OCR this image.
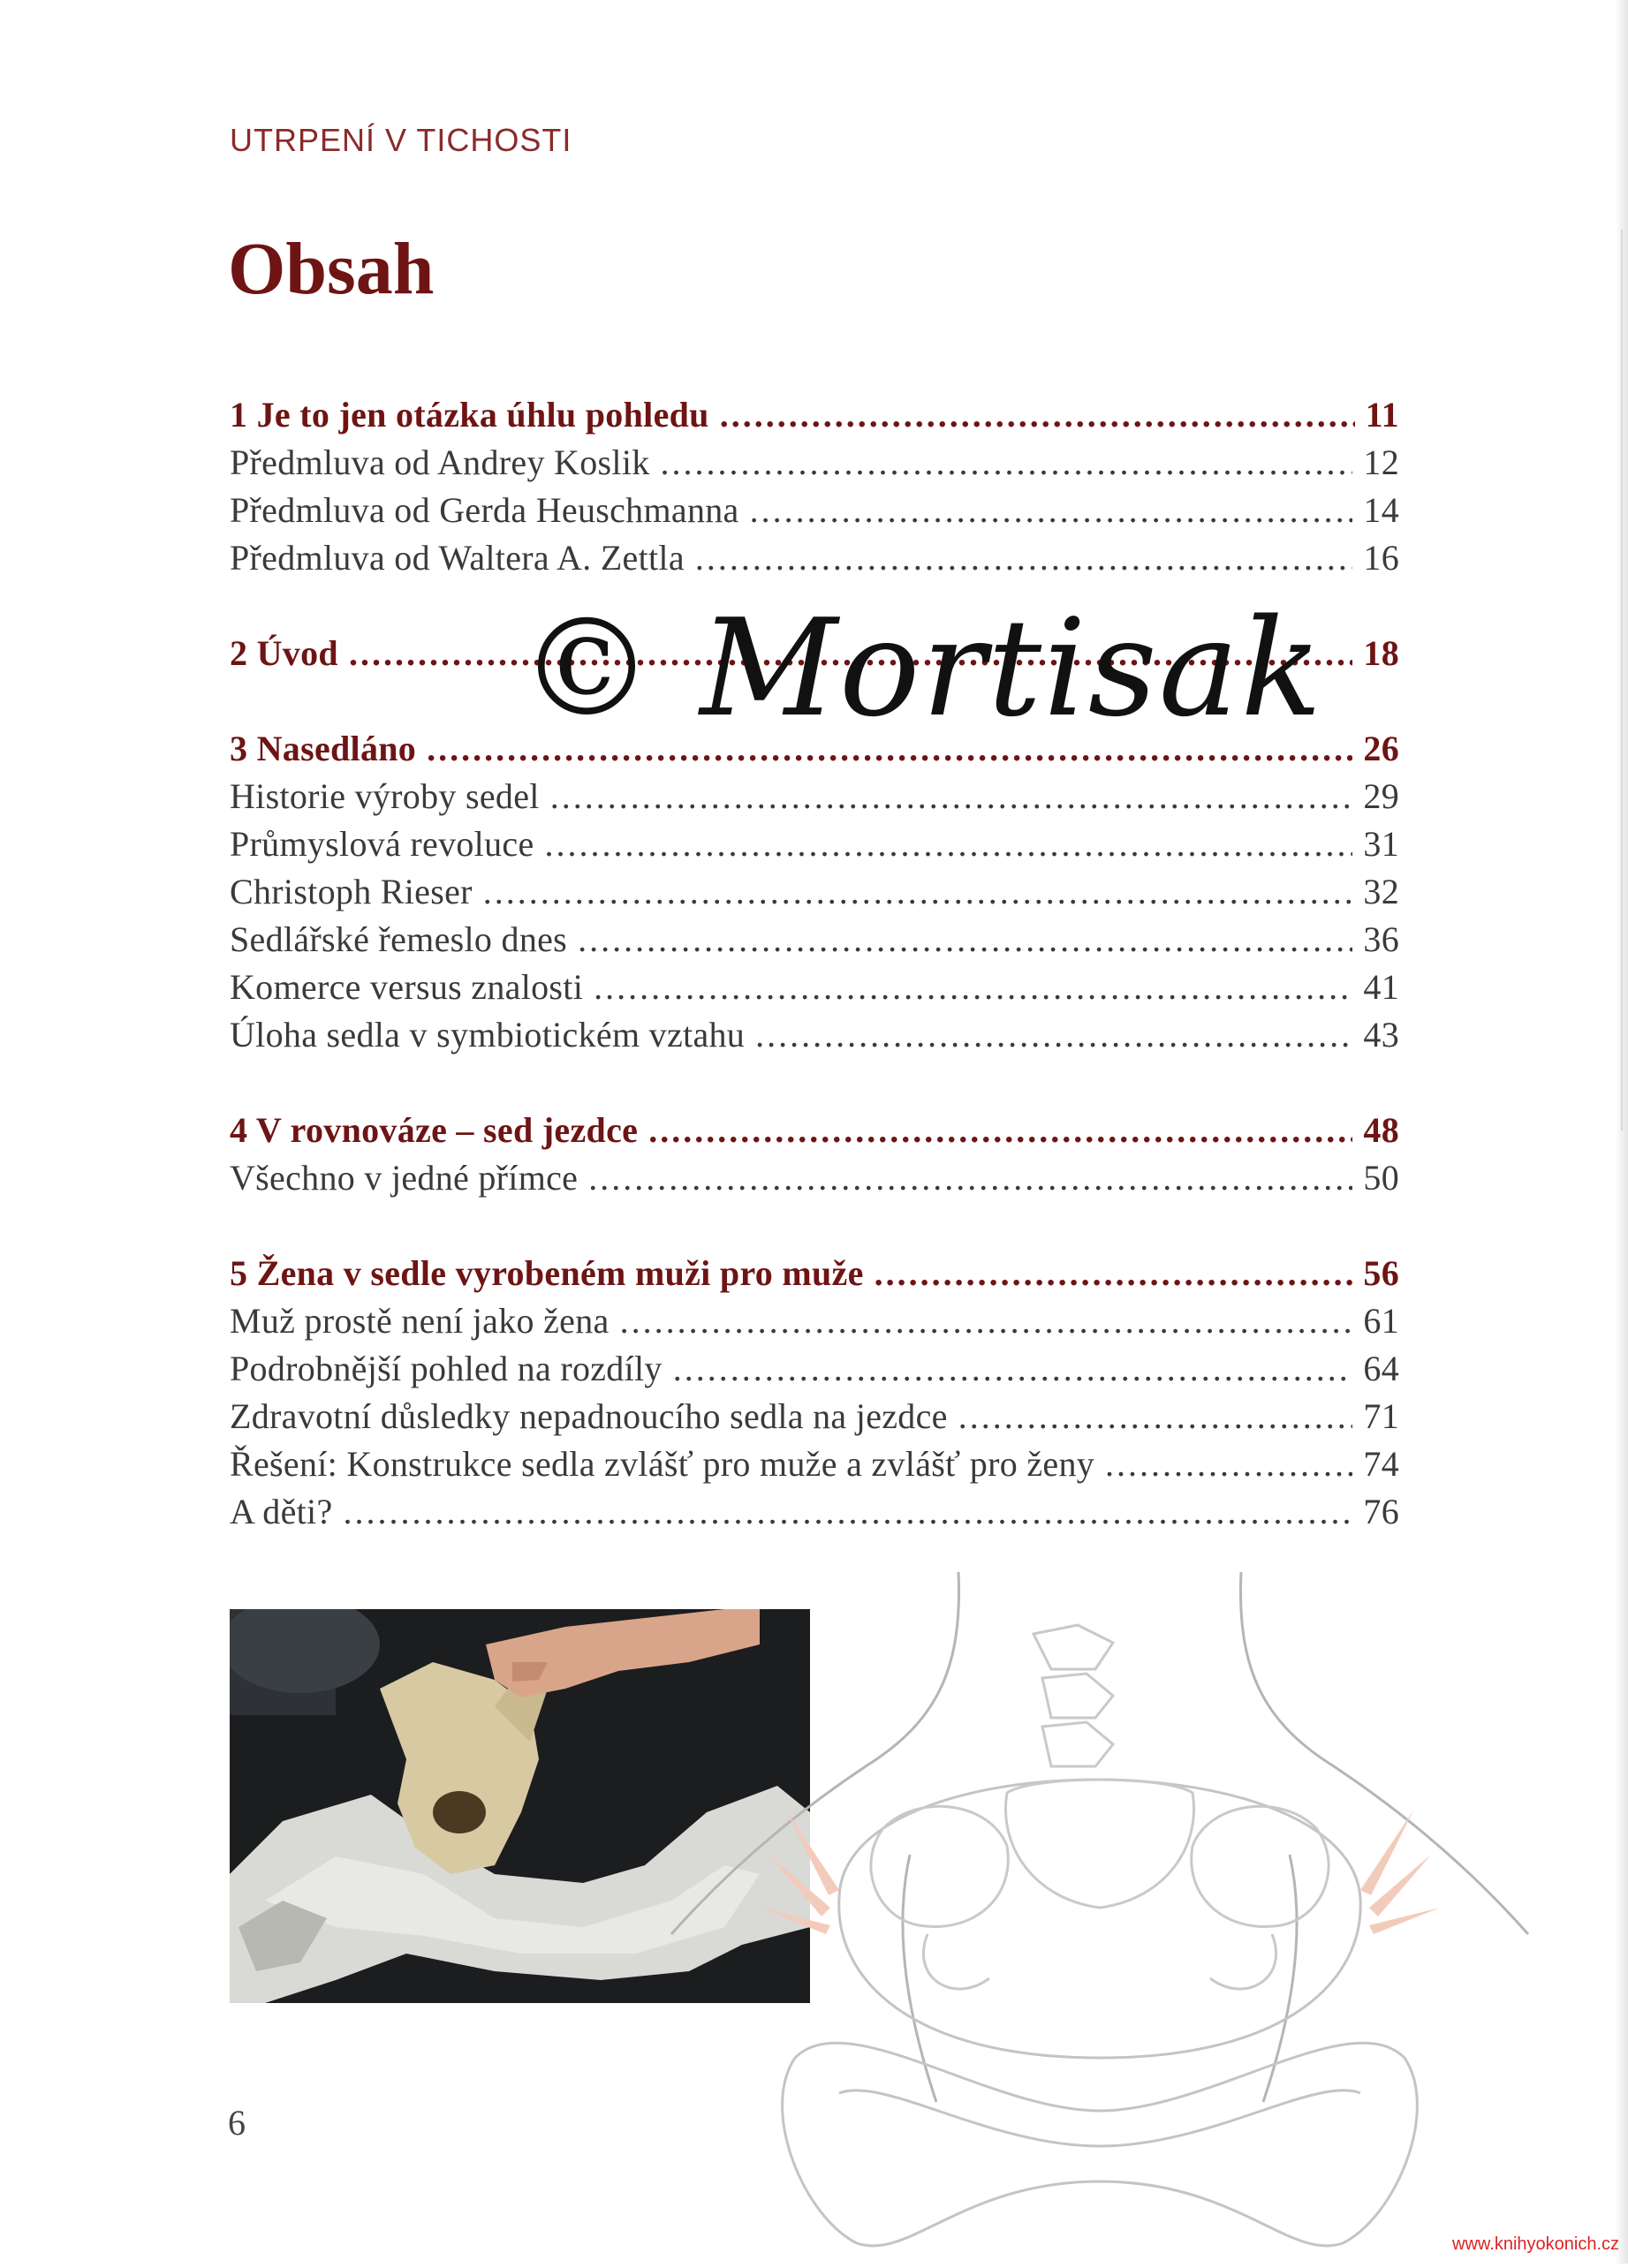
UTRPENÍ V TICHOSTI
Obsah
1 Je to jen otázka úhlu pohledu .....	11
Předmluva od Andrey Koslik .....	12
Předmluva od Gerda Heuschmanna .....	14
Předmluva od Waltera A. Zettla .....	16
2 Úvod .....	18
3 Nasedláno .....	26
Historie výroby sedel .....	29
Průmyslová revoluce .....	31
Christoph Rieser .....	32
Sedlářské řemeslo dnes .....	36
Komerce versus znalosti .....	41
Úloha sedla v symbiotickém vztahu .....	43
4 V rovnováze – sed jezdce .....	48
Všechno v jedné přímce .....	50
5 Žena v sedle vyrobeném muži pro muže .....	56
Muž prostě není jako žena .....	61
Podrobnější pohled na rozdíly .....	64
Zdravotní důsledky nepadnoucího sedla na jezdce .....	71
Řešení: Konstrukce sedla zvlášť pro muže a zvlášť pro ženy .....	74
A děti? .....	76
© Mortisak
6
www.knihyokonich.cz
